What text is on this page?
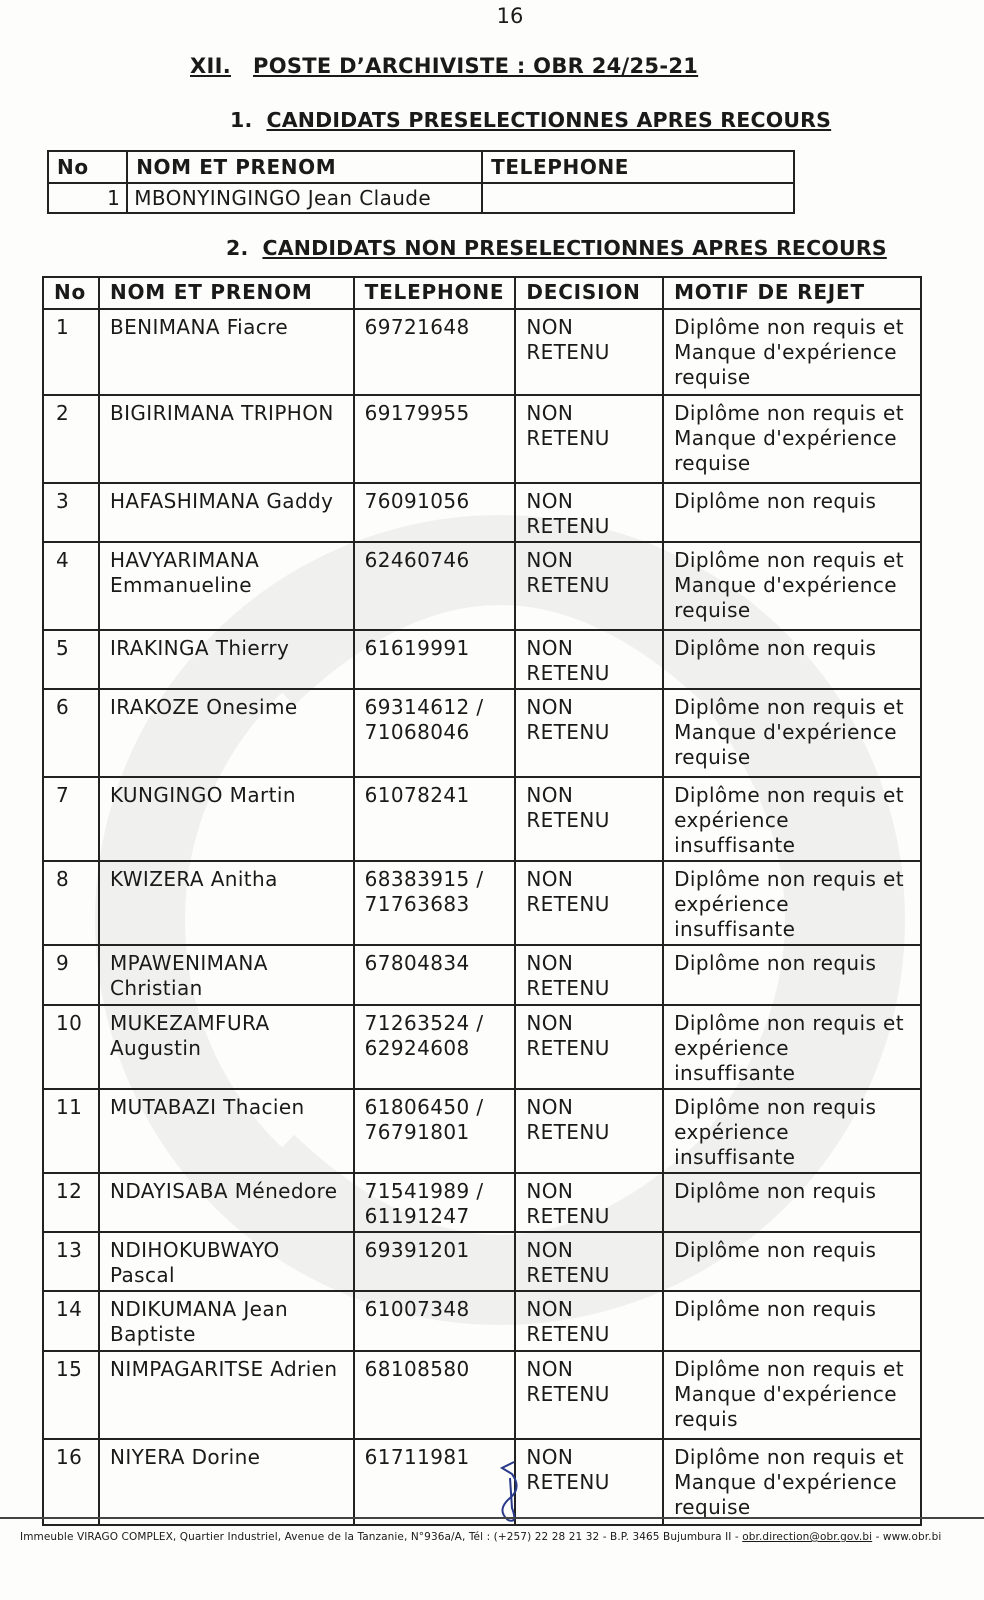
16
XII. POSTE D’ARCHIVISTE : OBR 24/25-21
1. CANDIDATS PRESELECTIONNES APRES RECOURS
No	NOM ET PRENOM	TELEPHONE
1	MBONYINGINGO Jean Claude	
2. CANDIDATS NON PRESELECTIONNES APRES RECOURS
No	NOM ET PRENOM	TELEPHONE	DECISION	MOTIF DE REJET
1	BENIMANA Fiacre	69721648	NON RETENU	Diplôme non requis et Manque d'expérience requise
2	BIGIRIMANA TRIPHON	69179955	NON RETENU	Diplôme non requis et Manque d'expérience requise
3	HAFASHIMANA Gaddy	76091056	NON RETENU	Diplôme non requis
4	HAVYARIMANA Emmanueline	62460746	NON RETENU	Diplôme non requis et Manque d'expérience requise
5	IRAKINGA Thierry	61619991	NON RETENU	Diplôme non requis
6	IRAKOZE Onesime	69314612 / 71068046	NON RETENU	Diplôme non requis et Manque d'expérience requise
7	KUNGINGO Martin	61078241	NON RETENU	Diplôme non requis et expérience insuffisante
8	KWIZERA Anitha	68383915 / 71763683	NON RETENU	Diplôme non requis et expérience insuffisante
9	MPAWENIMANA Christian	67804834	NON RETENU	Diplôme non requis
10	MUKEZAMFURA Augustin	71263524 / 62924608	NON RETENU	Diplôme non requis et expérience insuffisante
11	MUTABAZI Thacien	61806450 / 76791801	NON RETENU	Diplôme non requis expérience insuffisante
12	NDAYISABA Ménedore	71541989 / 61191247	NON RETENU	Diplôme non requis
13	NDIHOKUBWAYO Pascal	69391201	NON RETENU	Diplôme non requis
14	NDIKUMANA Jean Baptiste	61007348	NON RETENU	Diplôme non requis
15	NIMPAGARITSE Adrien	68108580	NON RETENU	Diplôme non requis et Manque d'expérience requis
16	NIYERA Dorine	61711981	NON RETENU	Diplôme non requis et Manque d'expérience requise
Immeuble VIRAGO COMPLEX, Quartier Industriel, Avenue de la Tanzanie, N°936a/A, Tél : (+257) 22 28 21 32 - B.P. 3465 Bujumbura II - obr.direction@obr.gov.bi - www.obr.bi
